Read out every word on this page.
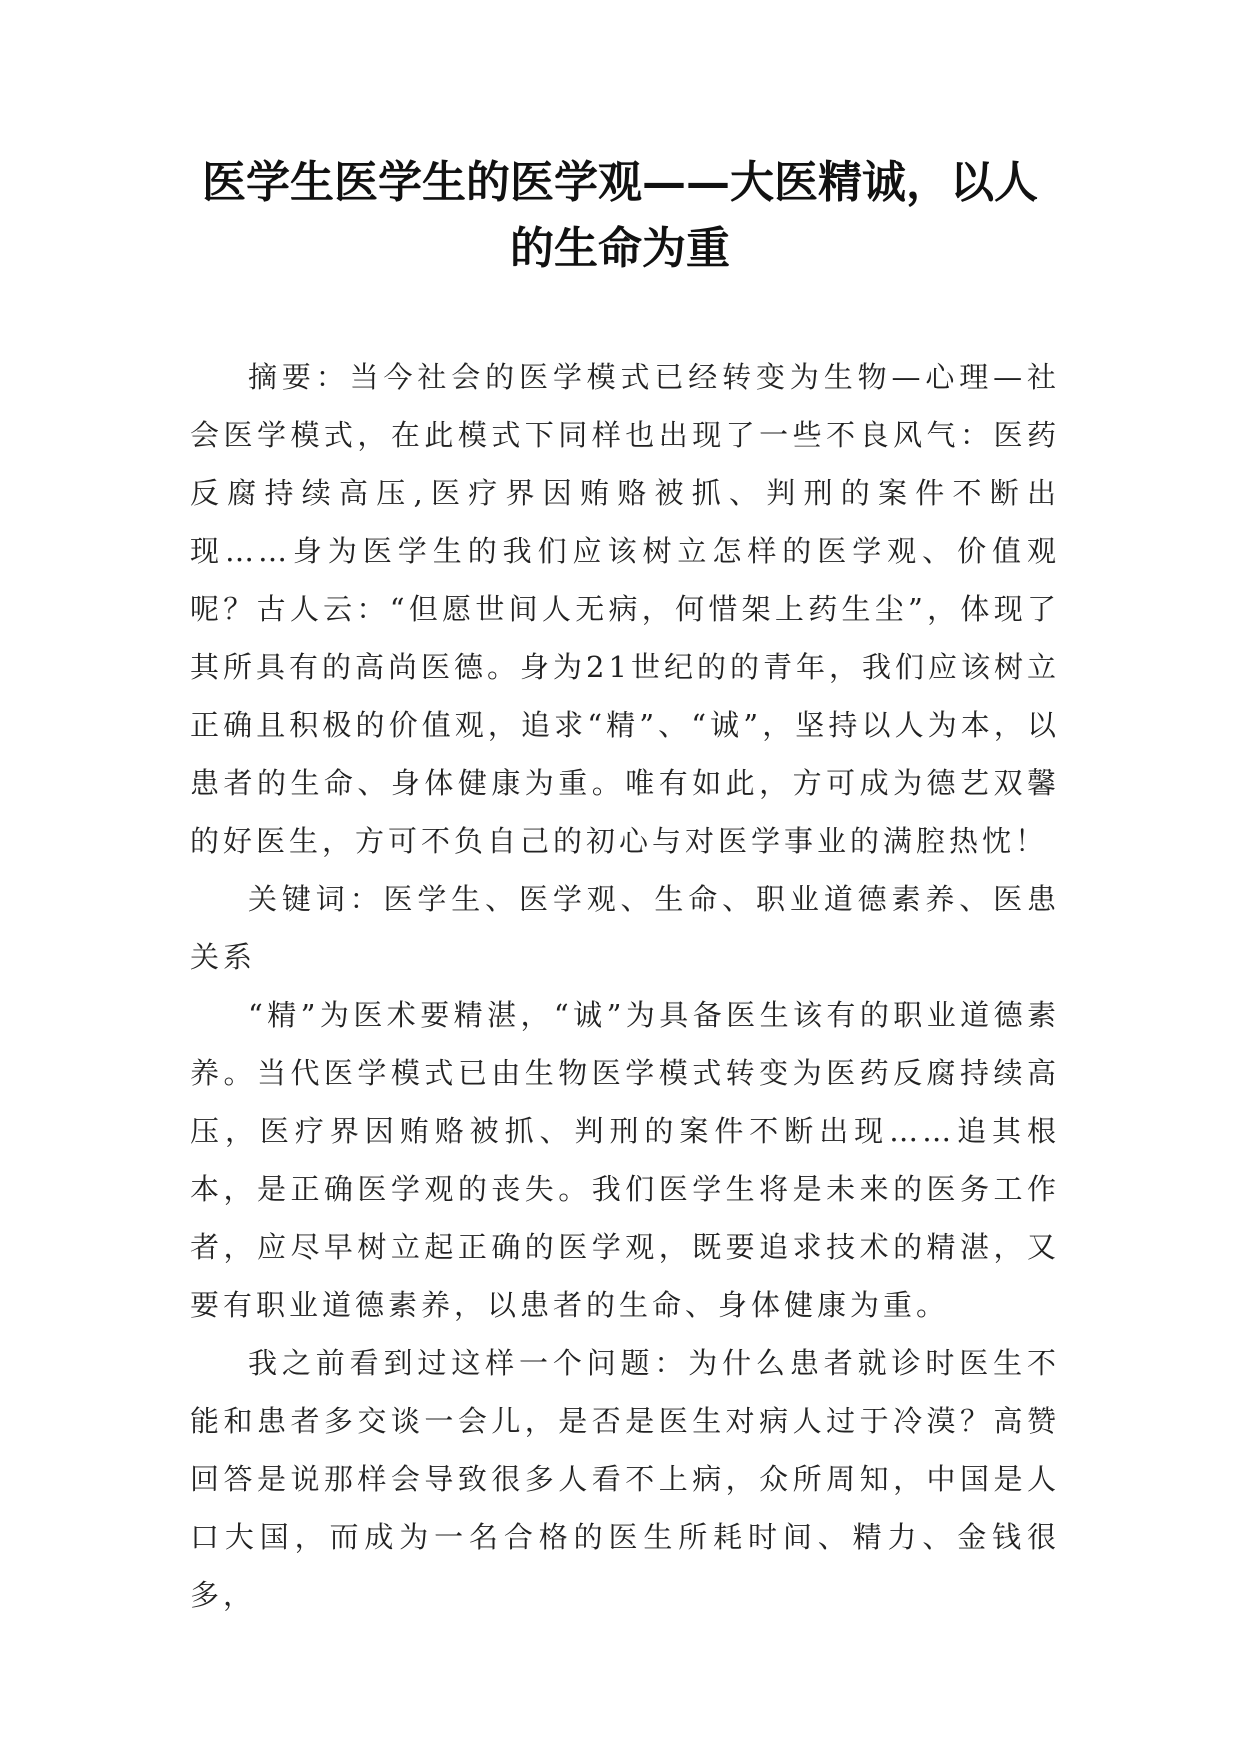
医学生医学生的医学观——大医精诚，以人的生命为重

摘要：当今社会的医学模式已经转变为生物—心理—社会医学模式，在此模式下同样也出现了一些不良风气：医药反腐持续高压,医疗界因贿赂被抓、判刑的案件不断出现……身为医学生的我们应该树立怎样的医学观、价值观呢？古人云：“但愿世间人无病，何惜架上药生尘”，体现了其所具有的高尚医德。身为21世纪的的青年，我们应该树立正确且积极的价值观，追求“精”、“诚”，坚持以人为本，以患者的生命、身体健康为重。唯有如此，方可成为德艺双馨的好医生，方可不负自己的初心与对医学事业的满腔热忱！

关键词：医学生、医学观、生命、职业道德素养、医患关系

“精”为医术要精湛，“诚”为具备医生该有的职业道德素养。当代医学模式已由生物医学模式转变为医药反腐持续高压，医疗界因贿赂被抓、判刑的案件不断出现……追其根本，是正确医学观的丧失。我们医学生将是未来的医务工作者，应尽早树立起正确的医学观，既要追求技术的精湛，又要有职业道德素养，以患者的生命、身体健康为重。

我之前看到过这样一个问题：为什么患者就诊时医生不能和患者多交谈一会儿，是否是医生对病人过于冷漠？高赞回答是说那样会导致很多人看不上病，众所周知，中国是人口大国，而成为一名合格的医生所耗时间、精力、金钱很多，
